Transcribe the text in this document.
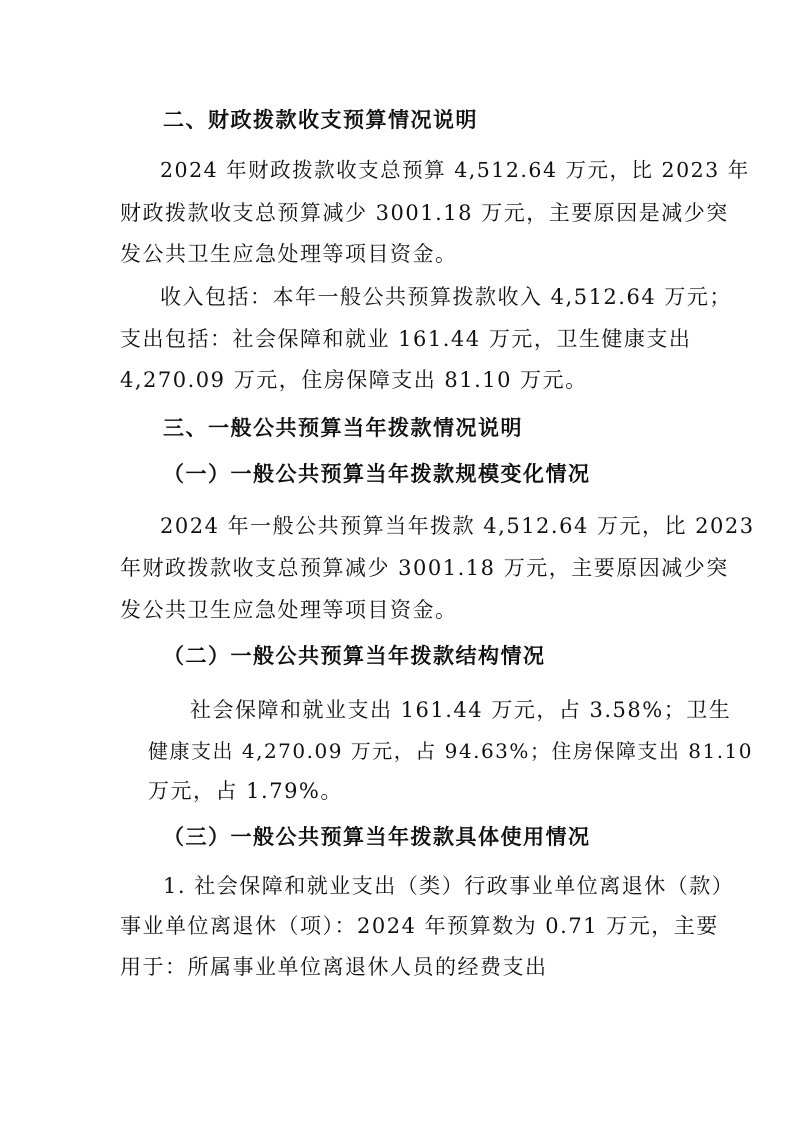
二、财政拨款收支预算情况说明

2024 年财政拨款收支总预算 4,512.64 万元，比 2023 年

财政拨款收支总预算减少 3001.18 万元，主要原因是减少突

发公共卫生应急处理等项目资金。

收入包括：本年一般公共预算拨款收入 4,512.64 万元；

支出包括：社会保障和就业 161.44 万元，卫生健康支出

4,270.09 万元，住房保障支出 81.10 万元。

三、一般公共预算当年拨款情况说明
（一）一般公共预算当年拨款规模变化情况

2024 年一般公共预算当年拨款 4,512.64 万元，比 2023

年财政拨款收支总预算减少 3001.18 万元，主要原因减少突

发公共卫生应急处理等项目资金。

（二）一般公共预算当年拨款结构情况

社会保障和就业支出 161.44 万元，占 3.58%；卫生

健康支出 4,270.09 万元，占 94.63%；住房保障支出 81.10

万元，占 1.79%。

（三）一般公共预算当年拨款具体使用情况

1. 社会保障和就业支出（类）行政事业单位离退休（款）

事业单位离退休（项）：2024 年预算数为 0.71 万元，主要

用于：所属事业单位离退休人员的经费支出
